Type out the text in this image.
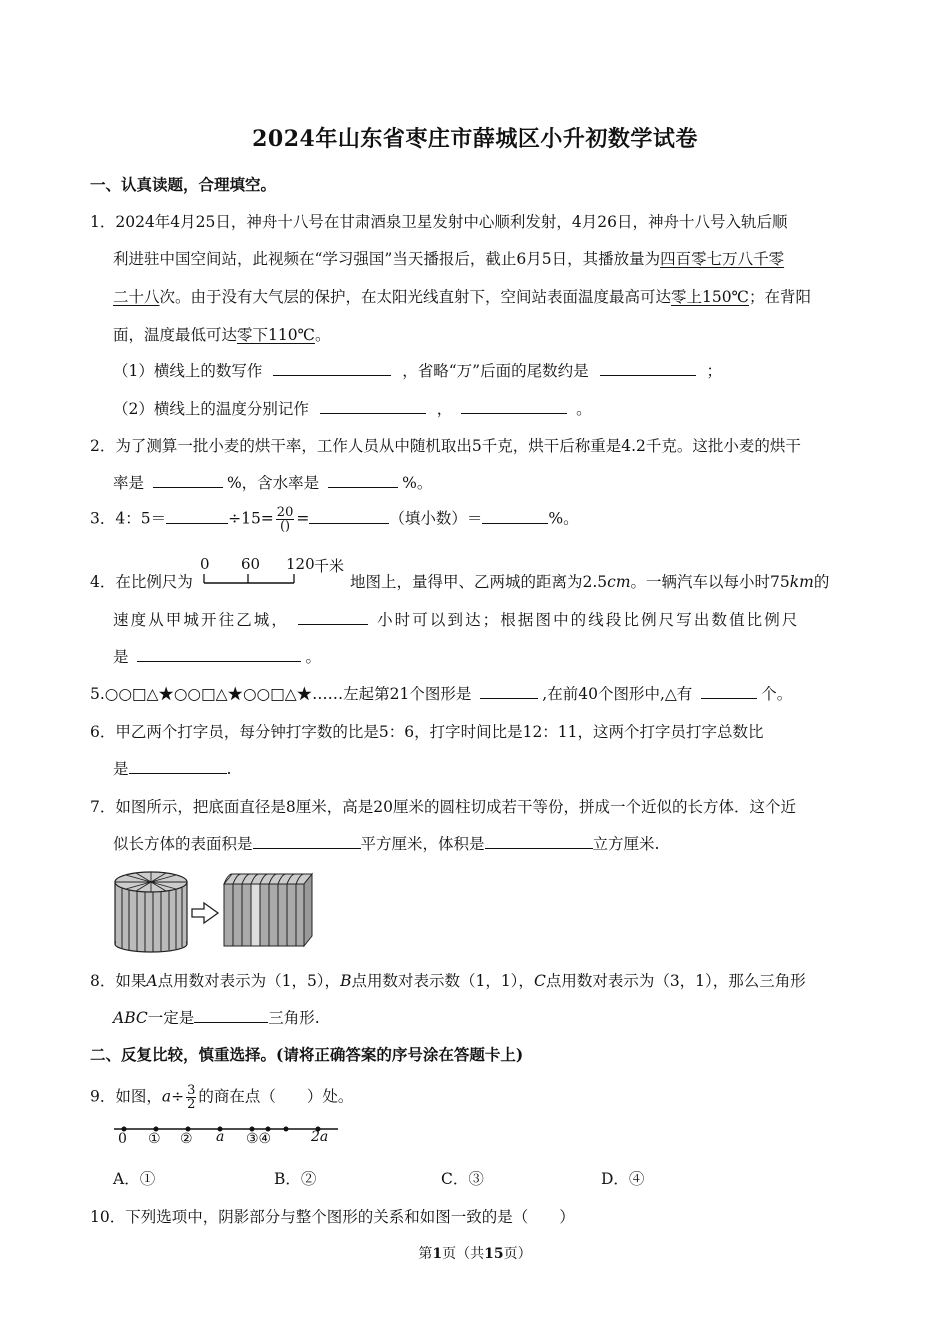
2024年山东省枣庄市薛城区小升初数学试卷
一、认真读题，合理填空。
1．2024年4月25日，神舟十八号在甘肃酒泉卫星发射中心顺利发射，4月26日，神舟十八号入轨后顺
利进驻中国空间站，此视频在“学习强国”当天播报后，截止6月5日，其播放量为四百零七万八千零
二十八次。由于没有大气层的保护，在太阳光线直射下，空间站表面温度最高可达零上150℃；在背阳
面，温度最低可达零下110℃。
（1）横线上的数写作	，省略“万”后面的尾数约是	；
（2）横线上的温度分别记作	，	。
2．为了测算一批小麦的烘干率，工作人员从中随机取出5千克，烘干后称重是4.2千克。这批小麦的烘干
率是	%，含水率是	%。
3．4：5＝	$\div 15= \frac{20}{()}$ =	（填小数）＝	%。
4．在比例尺为
0 60 120 千米
地图上，量得甲、乙两城的距离为2.5cm。一辆汽车以每小时75km的
速度从甲城开往乙城，	小时可以到达；根据图中的线段比例尺写出数值比例尺
是	。
5.○○□△★○○□△★○○□△★……左起第21个图形是	,在前40个图形中,△有	个。
6．甲乙两个打字员，每分钟打字数的比是5：6，打字时间比是12：11，这两个打字员打字总数比
是	.
7．如图所示，把底面直径是8厘米，高是20厘米的圆柱切成若干等份，拼成一个近似的长方体．这个近
似长方体的表面积是	平方厘米，体积是	立方厘米.
8．如果A点用数对表示为（1，5），B点用数对表示数（1，1），C点用数对表示为（3，1），那么三角形
ABC一定是	三角形.
二、反复比较，慎重选择。(请将正确答案的序号涂在答题卡上)
9．如图，$a\div \frac{3}{2}$ 的商在点（　　）处。
0 ① ② a ③④	2a
A．①	B．②	C．③	D．④
10．下列选项中，阴影部分与整个图形的关系和如图一致的是（　　）
第1页（共15页）
